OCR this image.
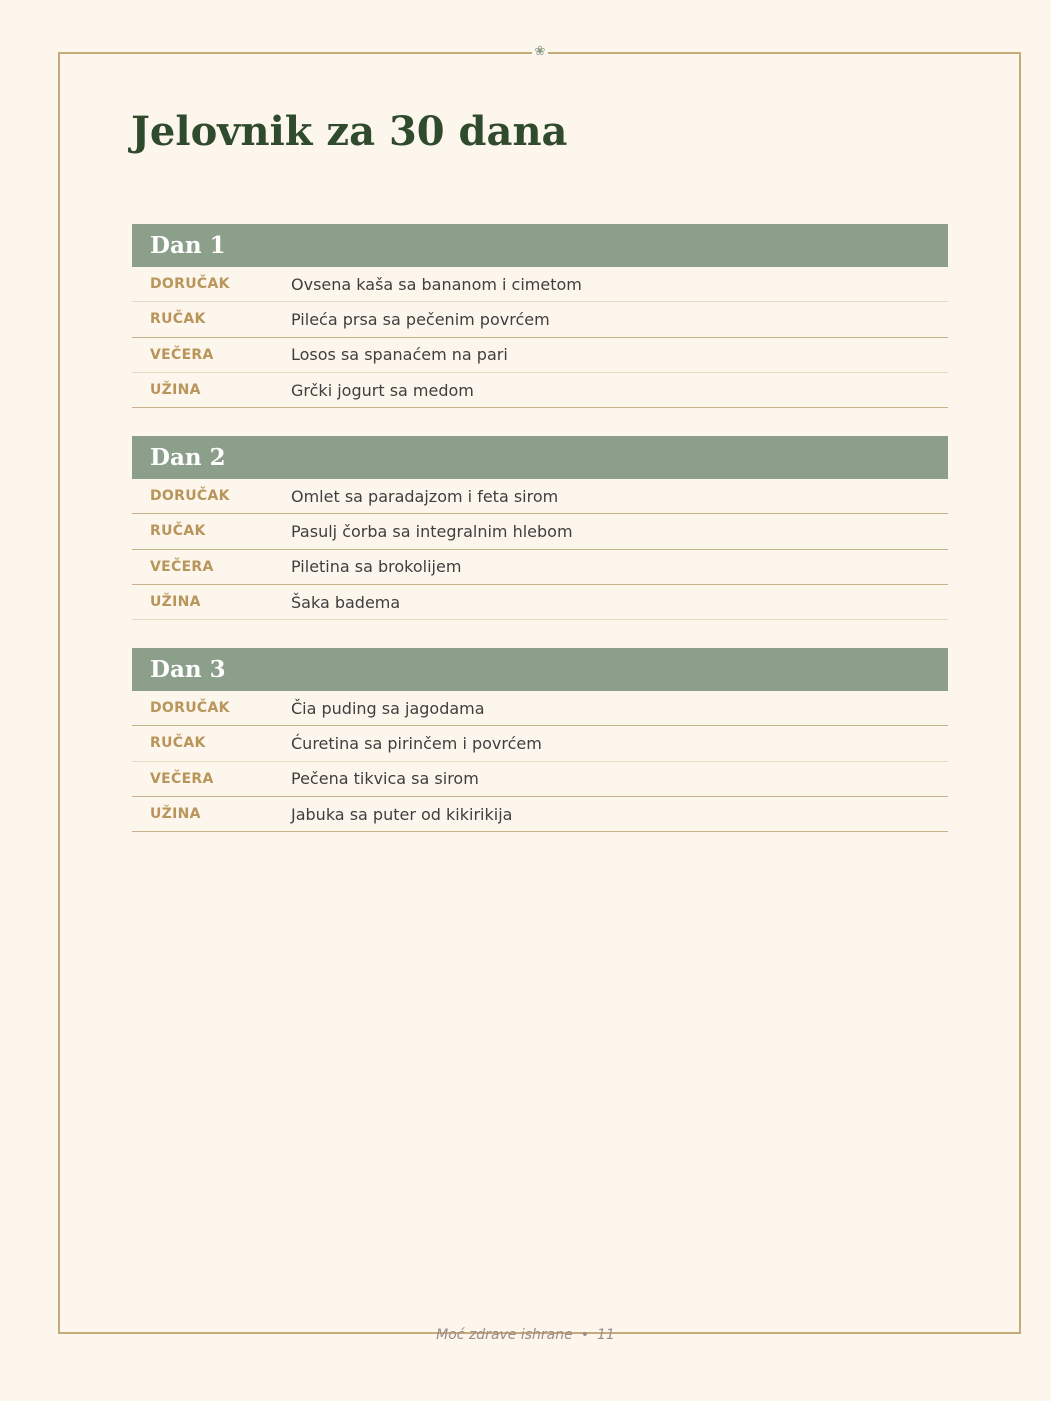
❀
Jelovnik za 30 dana
Dan 1
DORUČAK	Ovsena kaša sa bananom i cimetom
RUČAK	Pileća prsa sa pečenim povrćem
VEČERA	Losos sa spanaćem na pari
UŽINA	Grčki jogurt sa medom
Dan 2
DORUČAK	Omlet sa paradajzom i feta sirom
RUČAK	Pasulj čorba sa integralnim hlebom
VEČERA	Piletina sa brokolijem
UŽINA	Šaka badema
Dan 3
DORUČAK	Čia puding sa jagodama
RUČAK	Ćuretina sa pirinčem i povrćem
VEČERA	Pečena tikvica sa sirom
UŽINA	Jabuka sa puter od kikirikija
Moć zdrave ishrane • 11
